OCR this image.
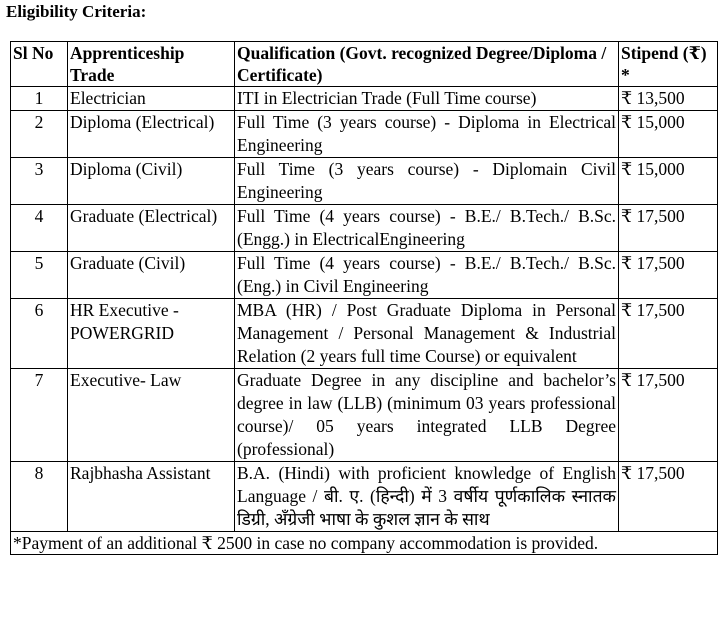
Eligibility Criteria:
Sl No	Apprenticeship Trade	Qualification (Govt. recognized Degree/Diploma / Certificate)	Stipend (₹) *
1	Electrician	ITI in Electrician Trade (Full Time course)	₹ 13,500
2	Diploma (Electrical)	Full Time (3 years course) - Diploma in Electrical Engineering	₹ 15,000
3	Diploma (Civil)	Full Time (3 years course) - Diplomain Civil Engineering	₹ 15,000
4	Graduate (Electrical)	Full Time (4 years course) - B.E./ B.Tech./ B.Sc. (Engg.) in ElectricalEngineering	₹ 17,500
5	Graduate (Civil)	Full Time (4 years course) - B.E./ B.Tech./ B.Sc.(Eng.) in Civil Engineering	₹ 17,500
6	HR Executive - POWERGRID	MBA (HR) / Post Graduate Diploma in Personal Management / Personal Management & Industrial Relation (2 years full time Course) or equivalent	₹ 17,500
7	Executive- Law	Graduate Degree in any discipline and bachelor’s degree in law (LLB) (minimum 03 years professional course)/ 05 years integrated LLB Degree (professional)	₹ 17,500
8	Rajbhasha Assistant	B.A. (Hindi) with proficient knowledge of English Language / बी. ए. (हिन्दी) में 3 वर्षीय पूर्णकालिक स्नातक डिग्री, अँग्रेजी भाषा के कुशल ज्ञान के साथ	₹ 17,500
*Payment of an additional ₹ 2500 in case no company accommodation is provided.			
